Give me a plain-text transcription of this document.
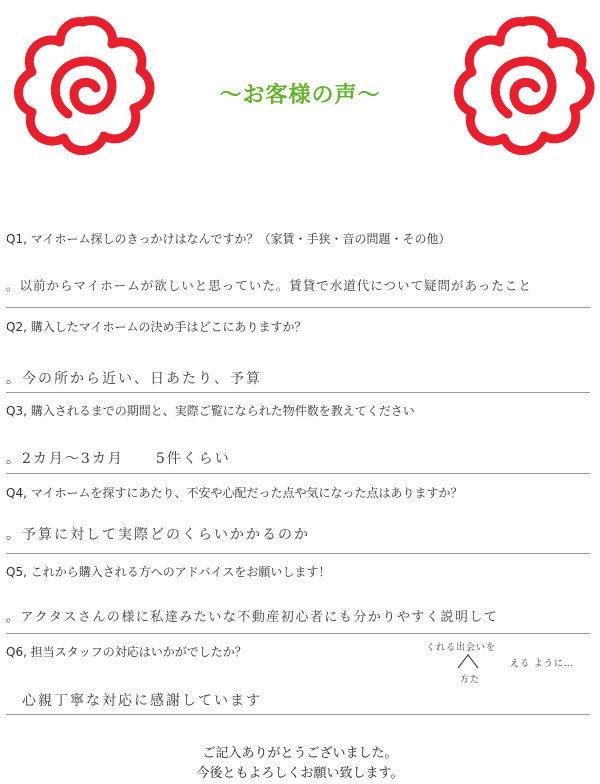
〜お客様の声〜
Q1, マイホーム探しのきっかけはなんですか？（家賃・手狭・音の問題・その他）
。以前からマイホームが欲しいと思っていた。賃貸で水道代について疑問があったこと
Q2, 購入したマイホームの決め手はどこにありますか？
。今の所から近い、日あたり、予算
Q3, 購入されるまでの期間と、実際ご覧になられた物件数を教えてください
。2カ月〜3カ月　　5件くらい
Q4, マイホームを探すにあたり、不安や心配だった点や気になった点はありますか？
。予算に対して実際どのくらいかかるのか
Q5, これから購入される方へのアドバイスをお願いします！
。アクタスさんの様に私達みたいな不動産初心者にも分かりやすく説明して
Q6, 担当スタッフの対応はいかがでしたか？	くれる出会いを
える ように…
方た
心親丁寧な対応に感謝しています
ご記入ありがとうございました。
今後ともよろしくお願い致します。
